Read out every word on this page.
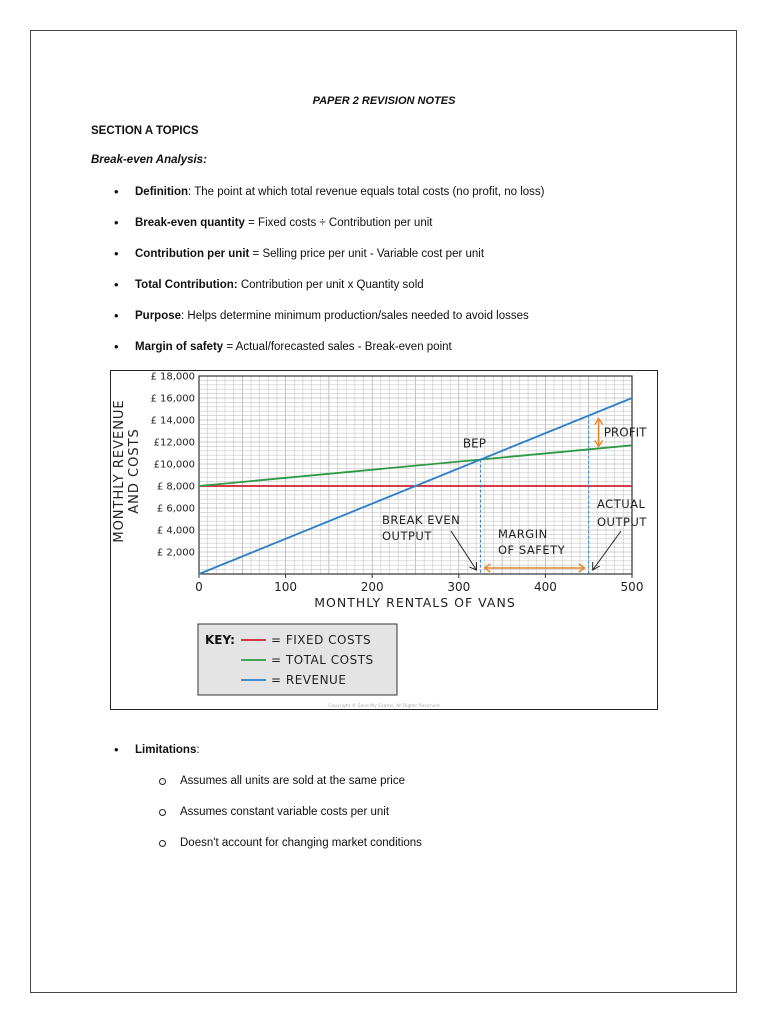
PAPER 2 REVISION NOTES
SECTION A TOPICS
Break-even Analysis:
• Definition: The point at which total revenue equals total costs (no profit, no loss)
• Break-even quantity = Fixed costs ÷ Contribution per unit
• Contribution per unit = Selling price per unit - Variable cost per unit
• Total Contribution: Contribution per unit x Quantity sold
• Purpose: Helps determine minimum production/sales needed to avoid losses
• Margin of safety = Actual/forecasted sales - Break-even point
0	100	200	300	400	500
£ 2,000
£ 4,000
£ 6,000
£ 8,000
£10,000
£12,000
£ 14,000
£ 16,000
£ 18,000
BEP
PROFIT
MARGIN
OF SAFETY
BREAK EVEN
OUTPUT
ACTUAL
OUTPUT
KEY:	= FIXED COSTS
= TOTAL COSTS
= REVENUE
MONTHLY REVENUE AND COSTS
MONTHLY RENTALS OF VANS
Copyright © Save My Exams. All Rights Reserved
• Limitations:
Assumes all units are sold at the same price
Assumes constant variable costs per unit
Doesn't account for changing market conditions
